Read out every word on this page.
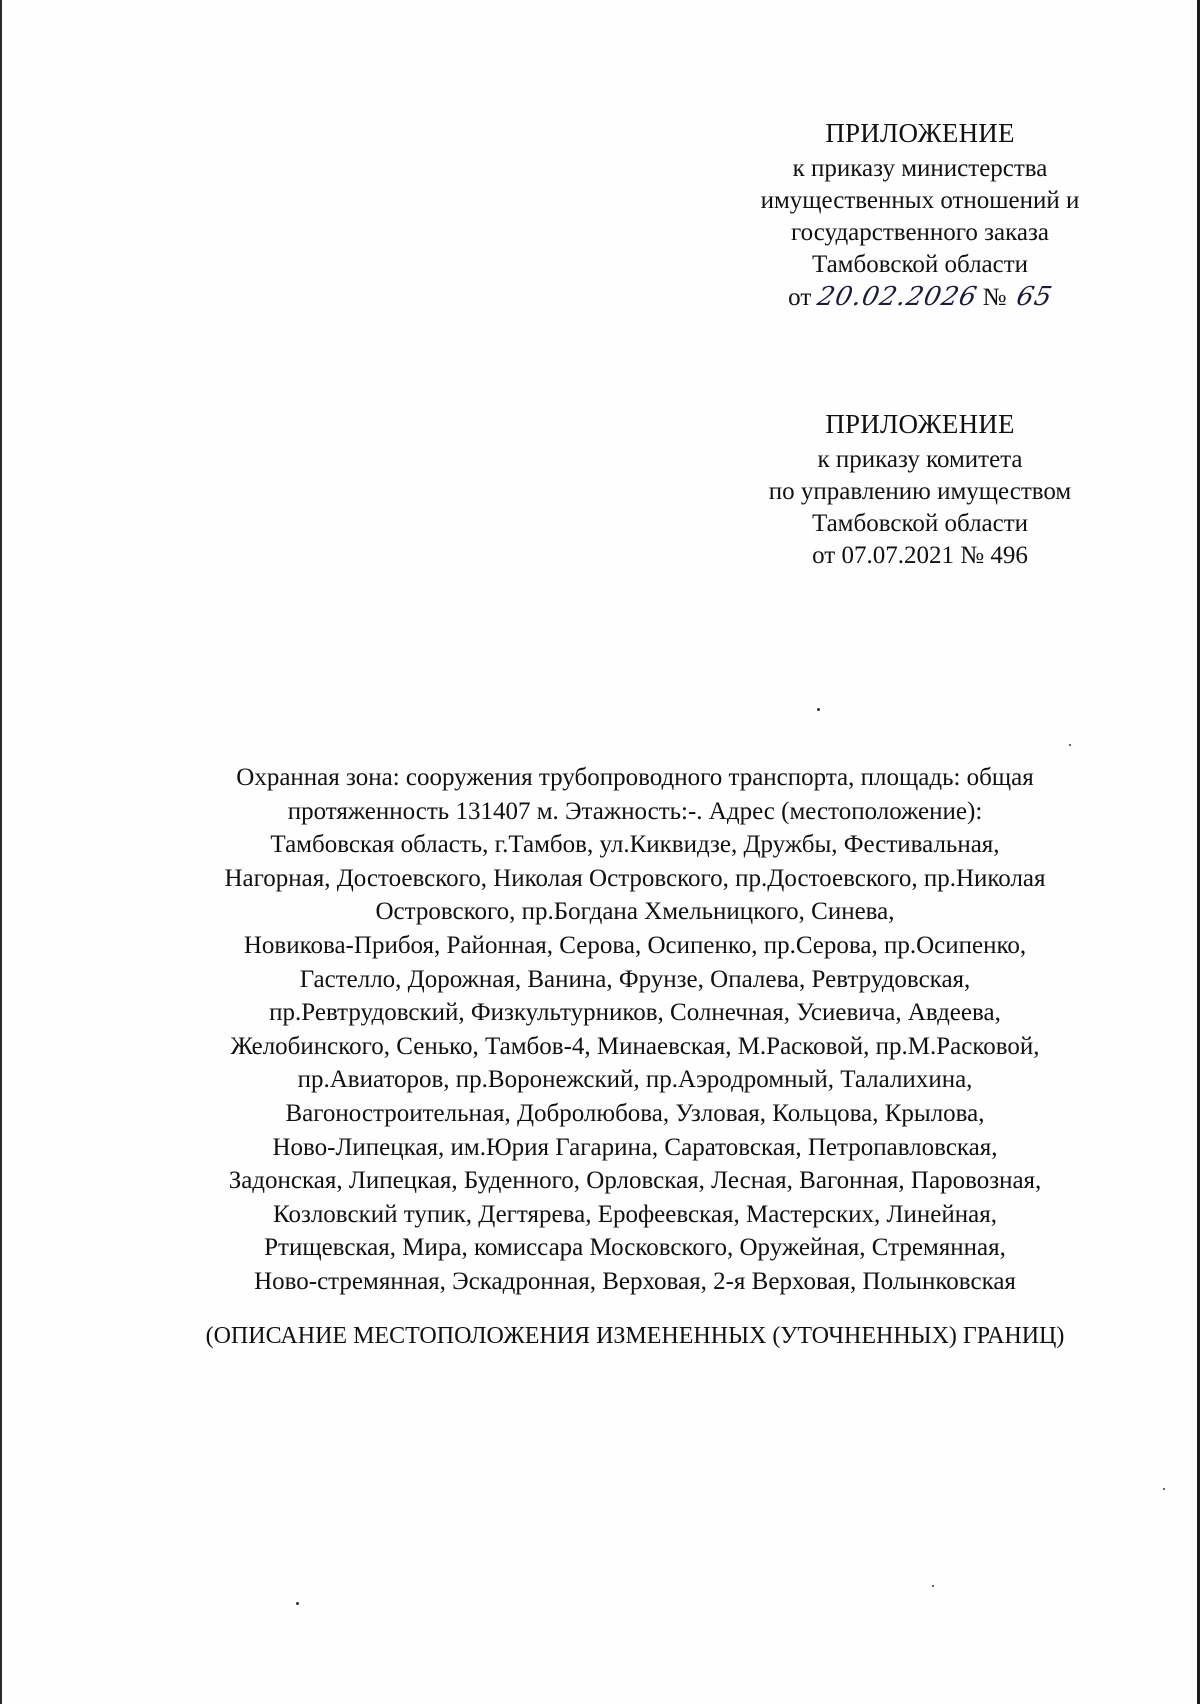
ПРИЛОЖЕНИЕ
к приказу министерства
имущественных отношений и
государственного заказа
Тамбовской области
от 20.02.2026 № 65
ПРИЛОЖЕНИЕ
к приказу комитета
по управлению имуществом
Тамбовской области
от 07.07.2021 № 496
Охранная зона: сооружения трубопроводного транспорта, площадь: общая
протяженность 131407 м. Этажность:-. Адрес (местоположение):
Тамбовская область, г.Тамбов, ул.Киквидзе, Дружбы, Фестивальная,
Нагорная, Достоевского, Николая Островского, пр.Достоевского, пр.Николая
Островского, пр.Богдана Хмельницкого, Синева,
Новикова-Прибоя, Районная, Серова, Осипенко, пр.Серова, пр.Осипенко,
Гастелло, Дорожная, Ванина, Фрунзе, Опалева, Ревтрудовская,
пр.Ревтрудовский, Физкультурников, Солнечная, Усиевича, Авдеева,
Желобинского, Сенько, Тамбов-4, Минаевская, М.Расковой, пр.М.Расковой,
пр.Авиаторов, пр.Воронежский, пр.Аэродромный, Талалихина,
Вагоностроительная, Добролюбова, Узловая, Кольцова, Крылова,
Ново-Липецкая, им.Юрия Гагарина, Саратовская, Петропавловская,
Задонская, Липецкая, Буденного, Орловская, Лесная, Вагонная, Паровозная,
Козловский тупик, Дегтярева, Ерофеевская, Мастерских, Линейная,
Ртищевская, Мира, комиссара Московского, Оружейная, Стремянная,
Ново-стремянная, Эскадронная, Верховая, 2-я Верховая, Полынковская
(ОПИСАНИЕ МЕСТОПОЛОЖЕНИЯ ИЗМЕНЕННЫХ (УТОЧНЕННЫХ) ГРАНИЦ)
